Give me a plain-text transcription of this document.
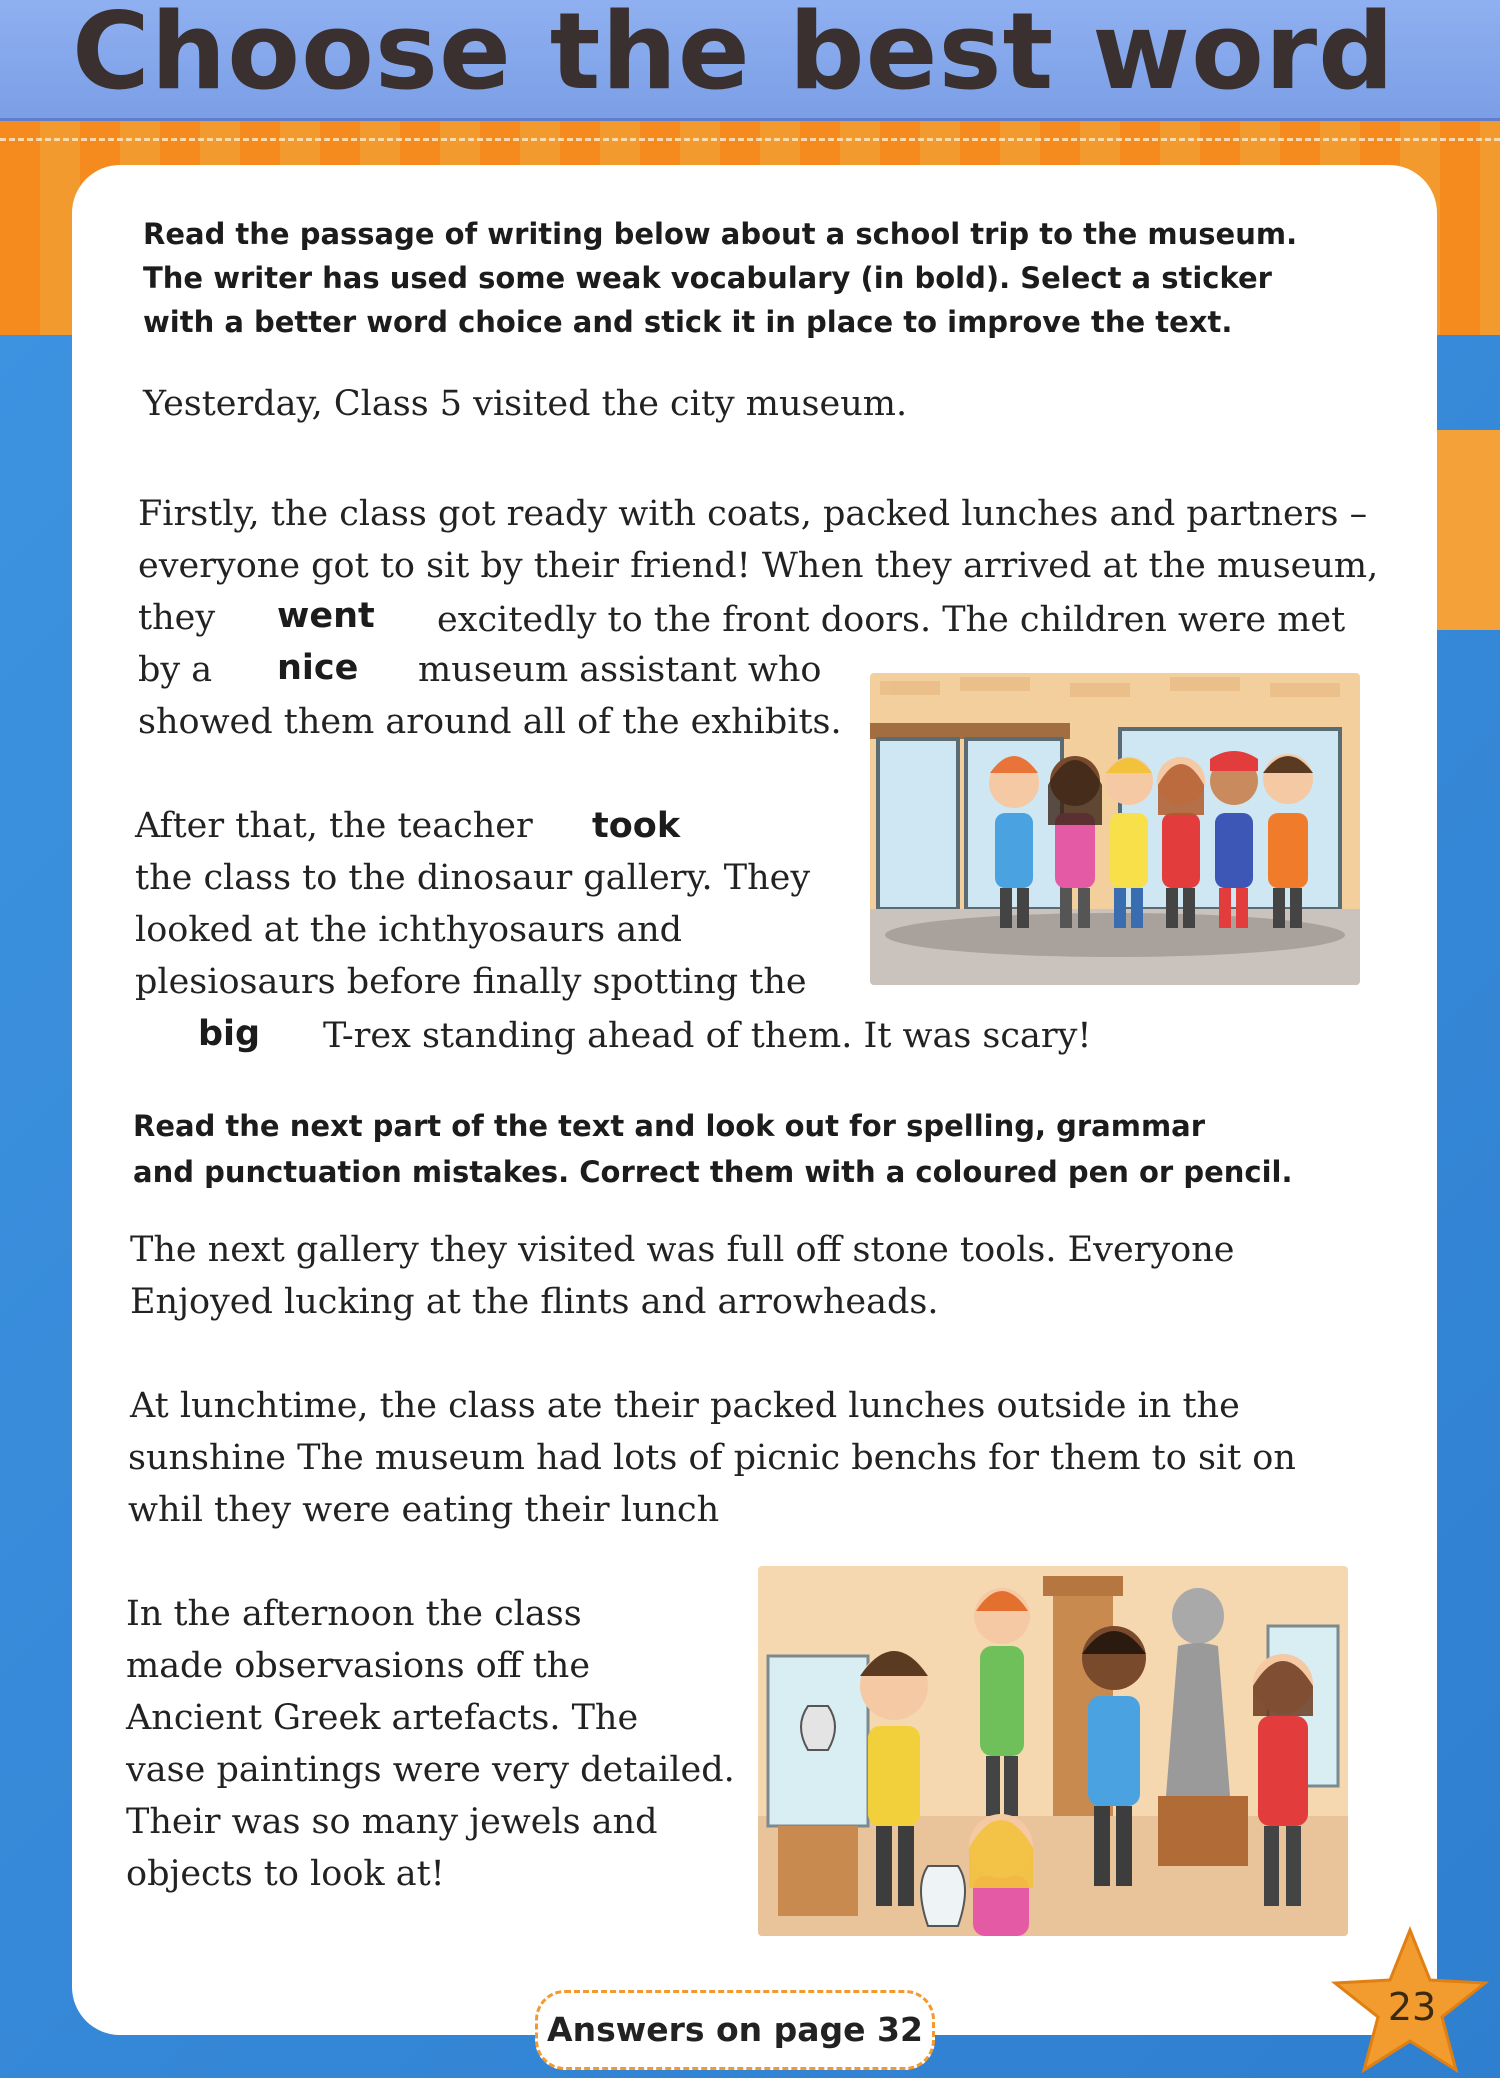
Choose the best word

Read the passage of writing below about a school trip to the museum.

The writer has used some weak vocabulary (in bold). Select a sticker

with a better word choice and stick it in place to improve the text.

Yesterday, Class 5 visited the city museum.

Firstly, the class got ready with coats, packed lunches and partners –

everyone got to sit by their friend! When they arrived at the museum,

they went excitedly to the front doors. The children were met

by a nice museum assistant who

showed them around all of the exhibits.

After that, the teacher took

the class to the dinosaur gallery. They

looked at the ichthyosaurs and

plesiosaurs before finally spotting the

big T-rex standing ahead of them. It was scary!

Read the next part of the text and look out for spelling, grammar

and punctuation mistakes. Correct them with a coloured pen or pencil.

The next gallery they visited was full off stone tools. Everyone

Enjoyed lucking at the flints and arrowheads.

At lunchtime, the class ate their packed lunches outside in the

sunshine The museum had lots of picnic benchs for them to sit on

whil they were eating their lunch

In the afternoon the class

made observasions off the

Ancient Greek artefacts. The

vase paintings were very detailed.

Their was so many jewels and

objects to look at!

Answers on page 32
23
